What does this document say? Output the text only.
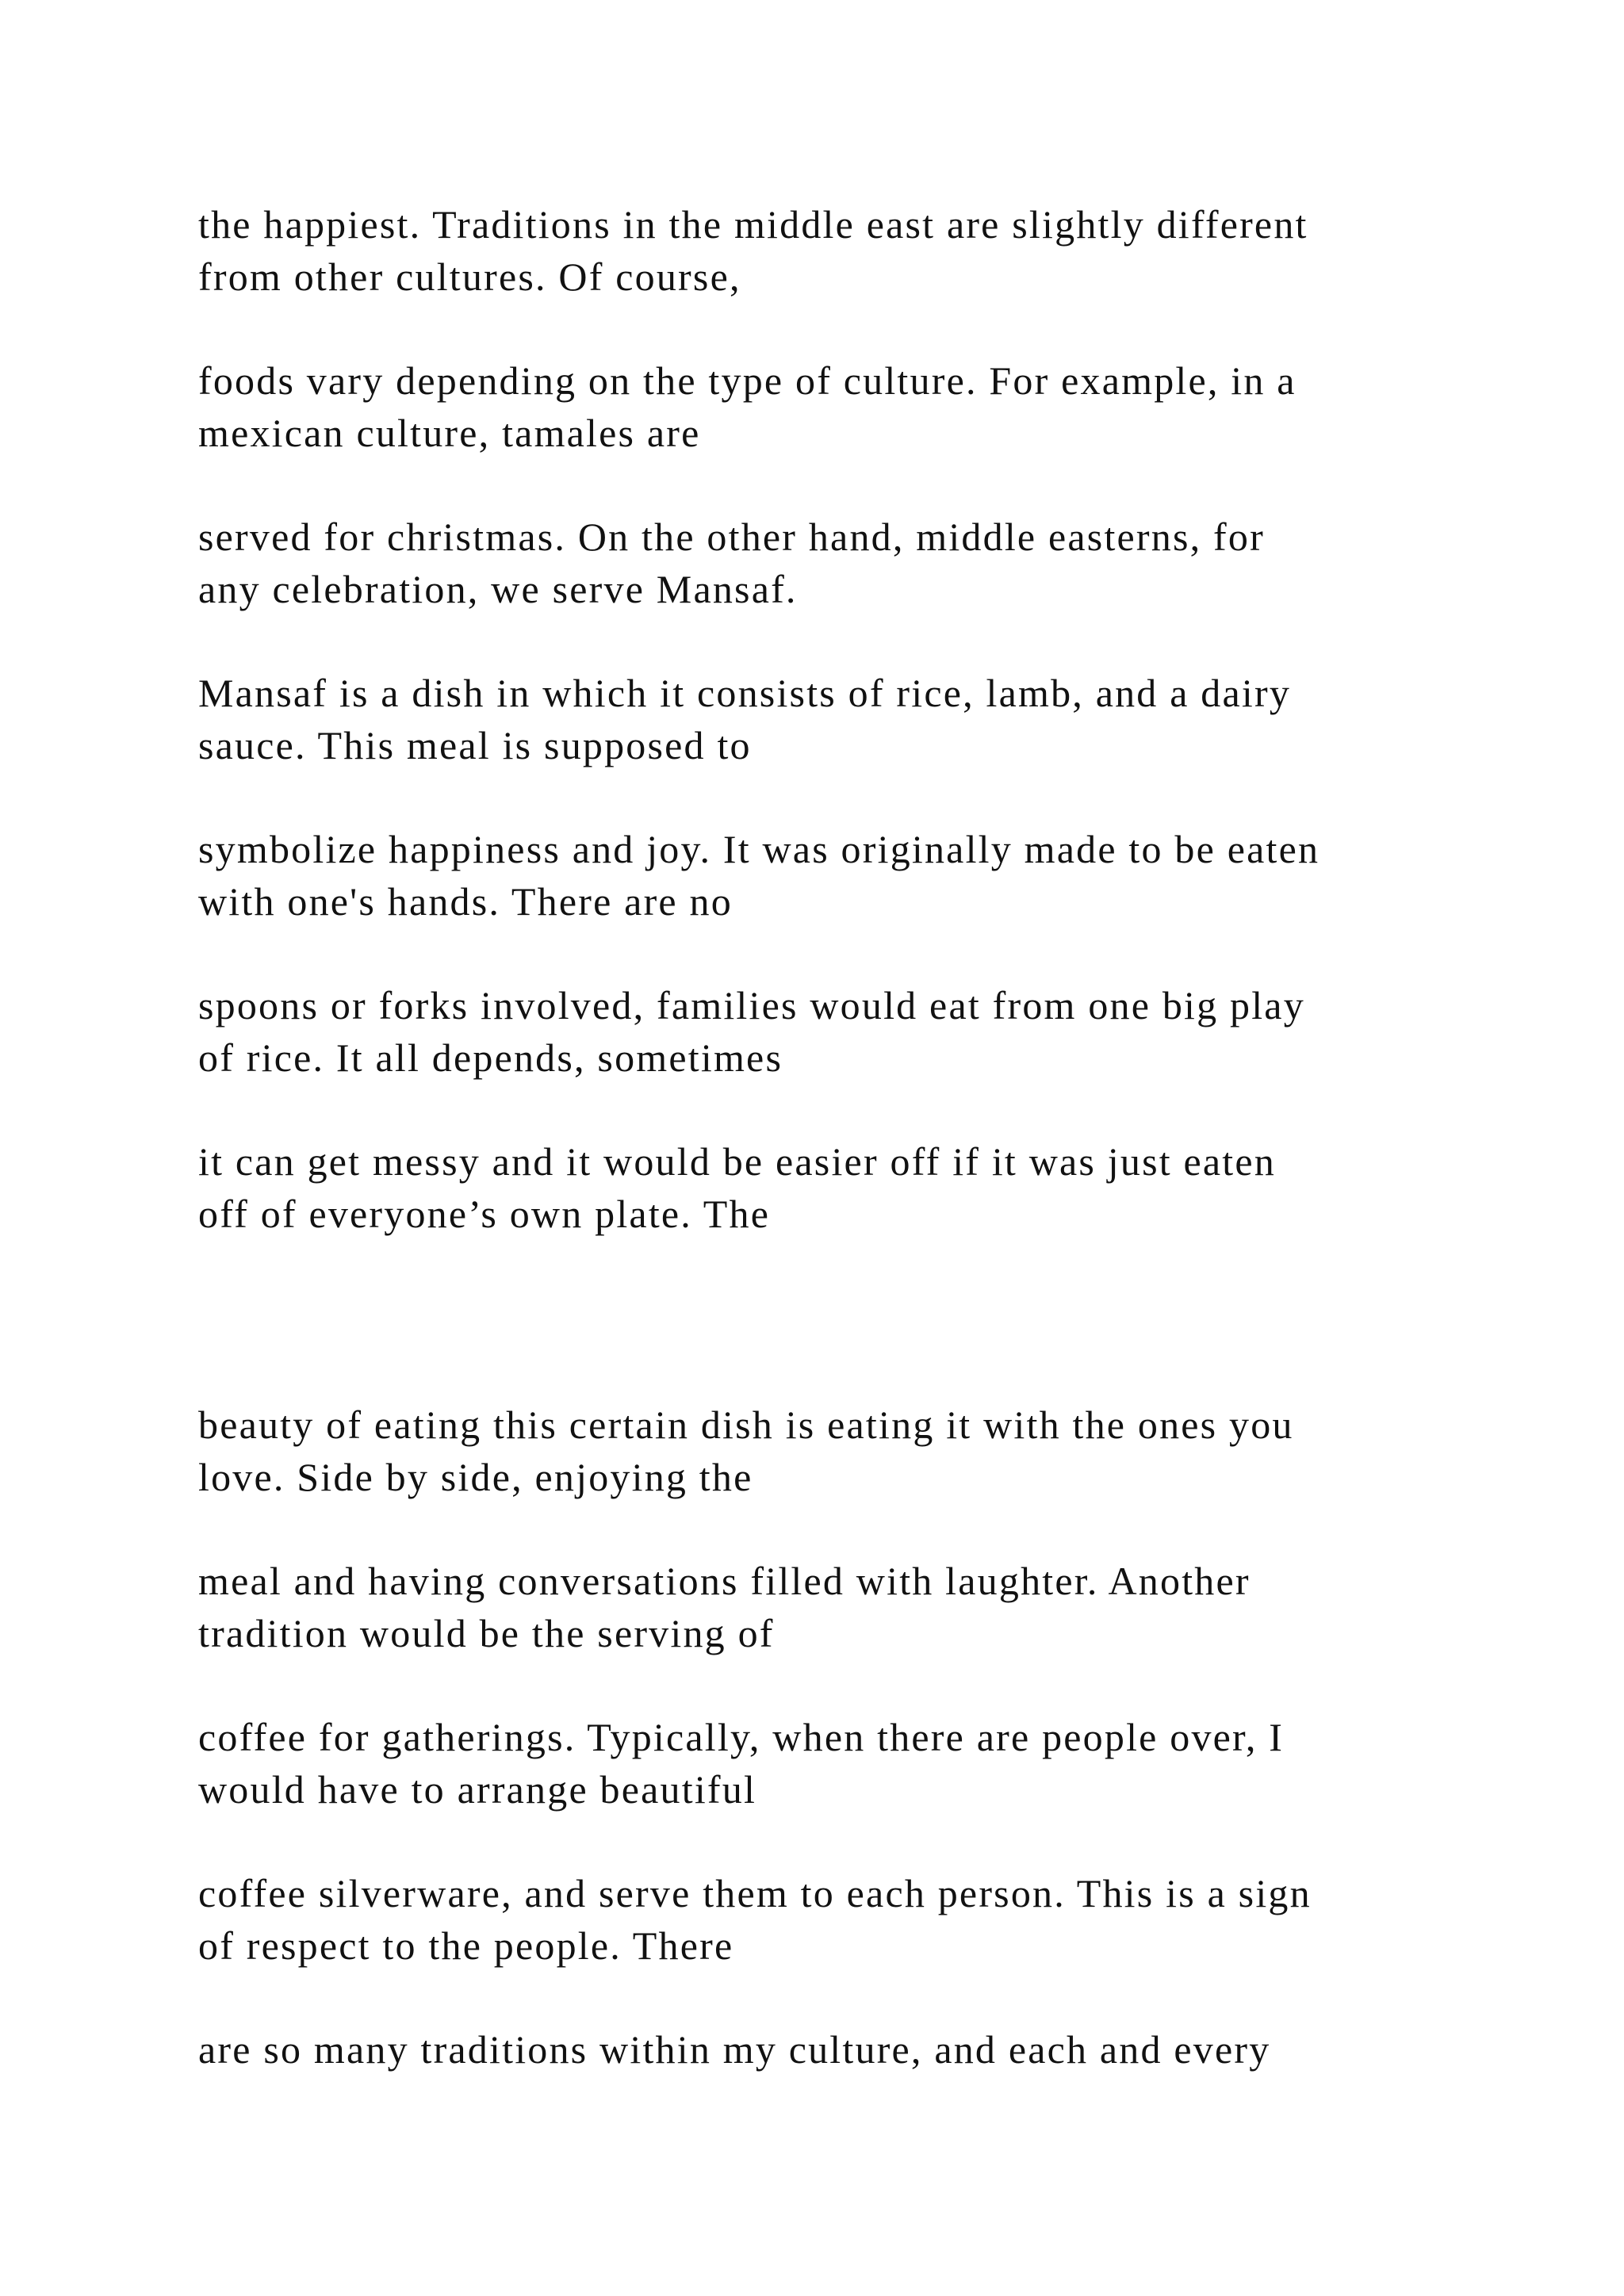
the happiest. Traditions in the middle east are slightly different
from other cultures. Of course,

foods vary depending on the type of culture. For example, in a
mexican culture, tamales are

served for christmas. On the other hand, middle easterns, for
any celebration, we serve Mansaf.

Mansaf is a dish in which it consists of rice, lamb, and a dairy
sauce. This meal is supposed to

symbolize happiness and joy. It was originally made to be eaten
with one's hands. There are no

spoons or forks involved, families would eat from one big play
of rice. It all depends, sometimes

it can get messy and it would be easier off if it was just eaten
off of everyone’s own plate. The

beauty of eating this certain dish is eating it with the ones you
love. Side by side, enjoying the

meal and having conversations filled with laughter. Another
tradition would be the serving of

coffee for gatherings. Typically, when there are people over, I
would have to arrange beautiful

coffee silverware, and serve them to each person. This is a sign
of respect to the people. There

are so many traditions within my culture, and each and every
